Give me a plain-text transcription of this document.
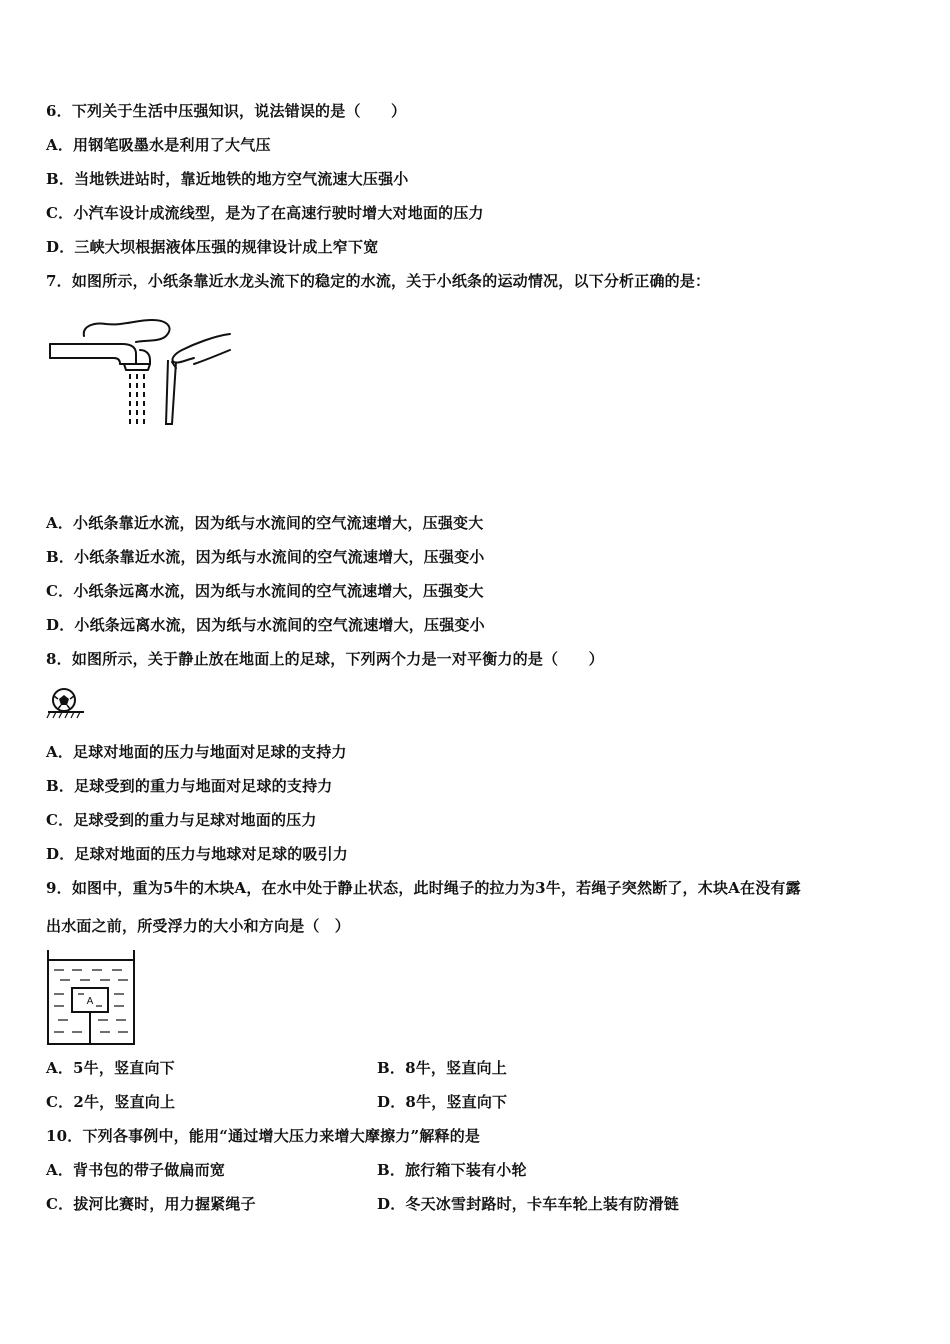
6．下列关于生活中压强知识，说法错误的是（　　）
A．用钢笔吸墨水是利用了大气压
B．当地铁进站时，靠近地铁的地方空气流速大压强小
C．小汽车设计成流线型，是为了在高速行驶时增大对地面的压力
D．三峡大坝根据液体压强的规律设计成上窄下宽
7．如图所示，小纸条靠近水龙头流下的稳定的水流，关于小纸条的运动情况，以下分析正确的是：
A．小纸条靠近水流，因为纸与水流间的空气流速增大，压强变大
B．小纸条靠近水流，因为纸与水流间的空气流速增大，压强变小
C．小纸条远离水流，因为纸与水流间的空气流速增大，压强变大
D．小纸条远离水流，因为纸与水流间的空气流速增大，压强变小
8．如图所示，关于静止放在地面上的足球，下列两个力是一对平衡力的是（　　）
A．足球对地面的压力与地面对足球的支持力
B．足球受到的重力与地面对足球的支持力
C．足球受到的重力与足球对地面的压力
D．足球对地面的压力与地球对足球的吸引力
9．如图中，重为5牛的木块A，在水中处于静止状态，此时绳子的拉力为3牛，若绳子突然断了，木块A在没有露
出水面之前，所受浮力的大小和方向是（　）
A
A．5牛，竖直向下	B．8牛，竖直向上
C．2牛，竖直向上	D．8牛，竖直向下
10．下列各事例中，能用“通过增大压力来增大摩擦力”解释的是
A．背书包的带子做扁而宽	B．旅行箱下装有小轮
C．拔河比赛时，用力握紧绳子	D．冬天冰雪封路时，卡车车轮上装有防滑链
